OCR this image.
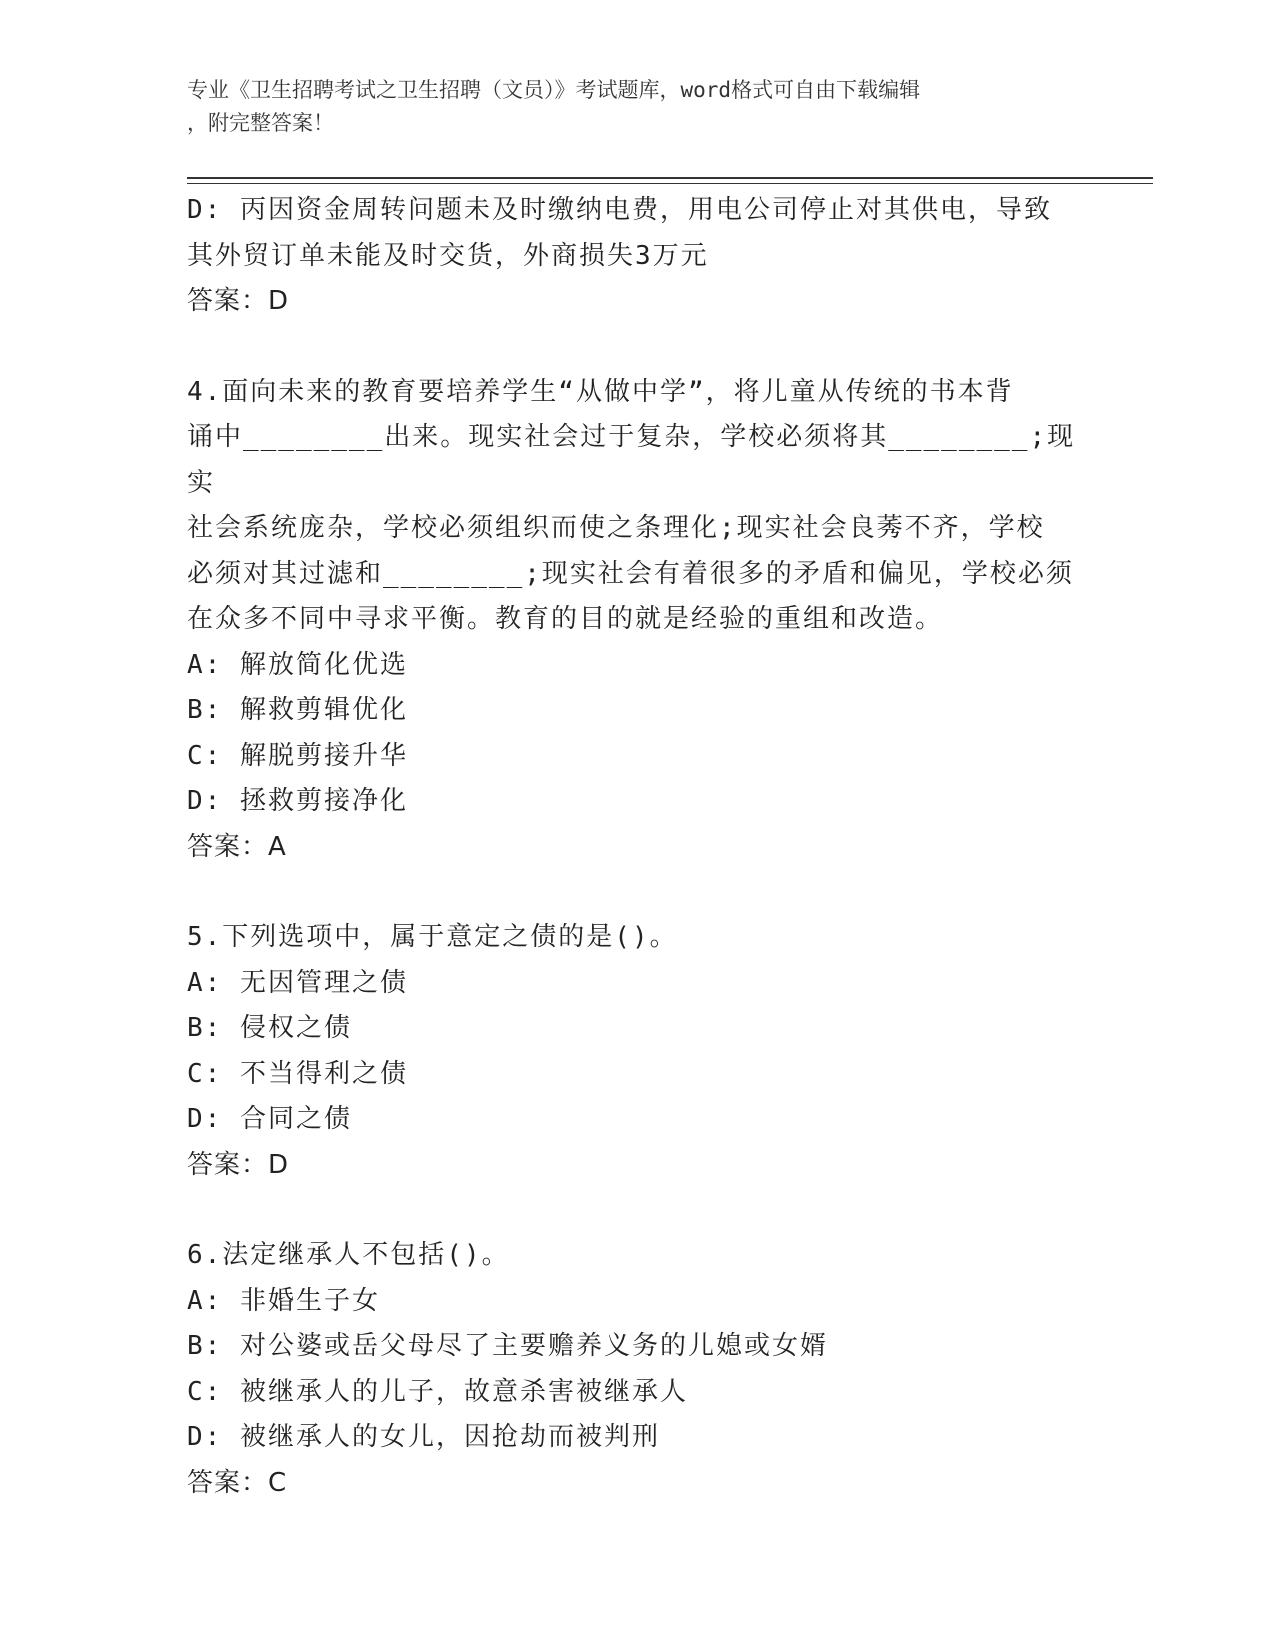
专业《卫生招聘考试之卫生招聘（文员）》考试题库，word格式可自由下载编辑
，附完整答案！

D: 丙因资金周转问题未及时缴纳电费，用电公司停止对其供电，导致

其外贸订单未能及时交货，外商损失3万元

答案：D

4.面向未来的教育要培养学生“从做中学”，将儿童从传统的书本背

诵中________出来。现实社会过于复杂，学校必须将其________;现实

社会系统庞杂，学校必须组织而使之条理化;现实社会良莠不齐，学校

必须对其过滤和________;现实社会有着很多的矛盾和偏见，学校必须

在众多不同中寻求平衡。教育的目的就是经验的重组和改造。

A: 解放简化优选

B: 解救剪辑优化

C: 解脱剪接升华

D: 拯救剪接净化

答案：A

5.下列选项中，属于意定之债的是()。

A: 无因管理之债

B: 侵权之债

C: 不当得利之债

D: 合同之债

答案：D

6.法定继承人不包括()。

A: 非婚生子女

B: 对公婆或岳父母尽了主要赡养义务的儿媳或女婿

C: 被继承人的儿子，故意杀害被继承人

D: 被继承人的女儿，因抢劫而被判刑

答案：C
